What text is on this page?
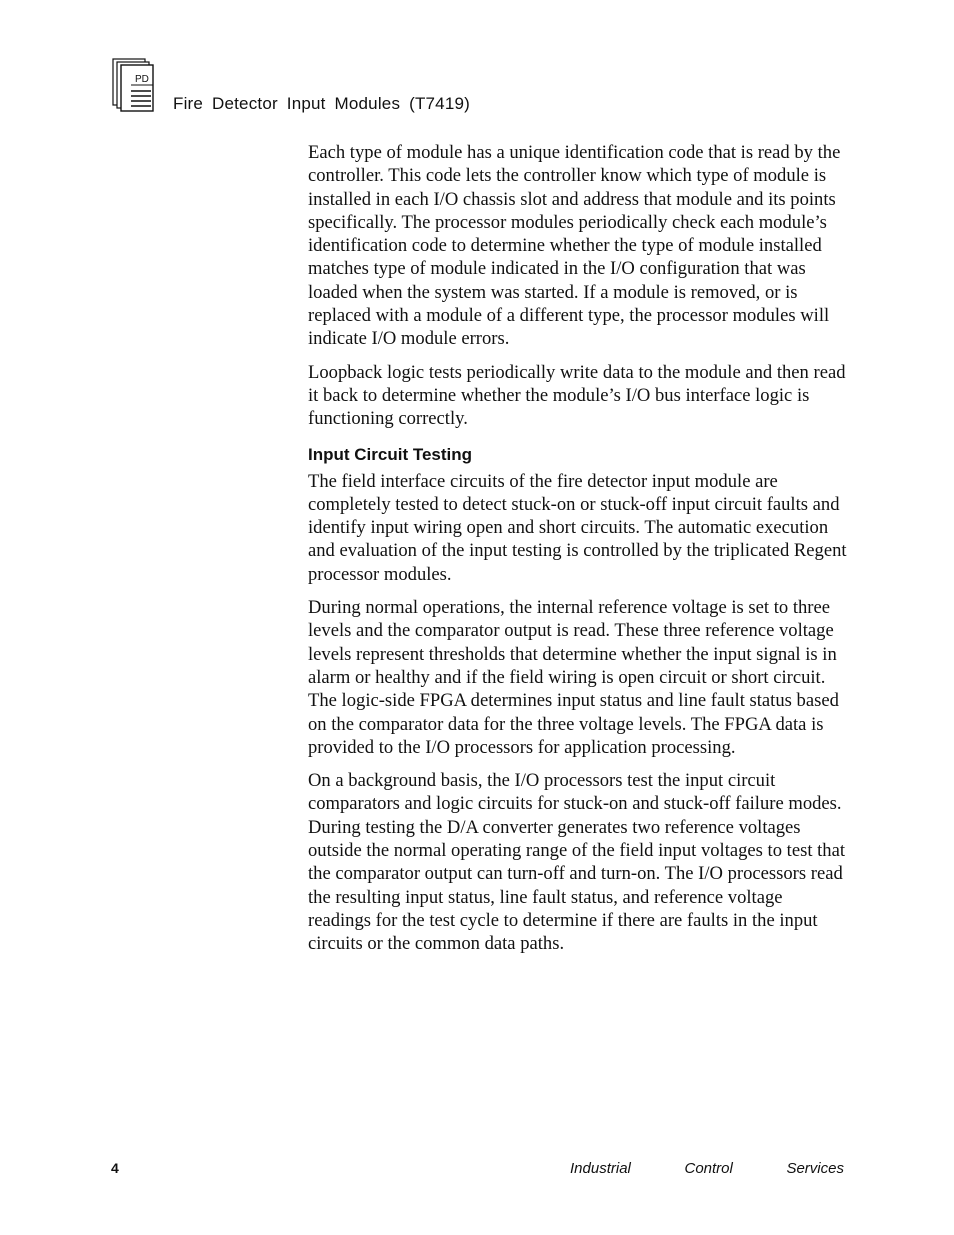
PD
Fire Detector Input Modules (T7419)

Each type of module has a unique identification code that is read by the controller. This code lets the controller know which type of module is installed in each I/O chassis slot and address that module and its points specifically. The processor modules periodically check each module’s identification code to determine whether the type of module installed matches type of module indicated in the I/O configuration that was loaded when the system was started. If a module is removed, or is replaced with a module of a different type, the processor modules will indicate I/O module errors.

Loopback logic tests periodically write data to the module and then read it back to determine whether the module’s I/O bus interface logic is functioning correctly.

Input Circuit Testing

The field interface circuits of the fire detector input module are completely tested to detect stuck-on or stuck-off input circuit faults and identify input wiring open and short circuits. The automatic execution and evaluation of the input testing is controlled by the triplicated Regent processor modules.

During normal operations, the internal reference voltage is set to three levels and the comparator output is read. These three reference voltage levels represent thresholds that determine whether the input signal is in alarm or healthy and if the field wiring is open circuit or short circuit. The logic-side FPGA determines input status and line fault status based on the comparator data for the three voltage levels. The FPGA data is provided to the I/O processors for application processing.

On a background basis, the I/O processors test the input circuit comparators and logic circuits for stuck-on and stuck-off failure modes. During testing the D/A converter generates two reference voltages outside the normal operating range of the field input voltages to test that the comparator output can turn-off and turn-on. The I/O processors read the resulting input status, line fault status, and reference voltage readings for the test cycle to determine if there are faults in the input circuits or the common data paths.

4	Industrial	Control	Services
